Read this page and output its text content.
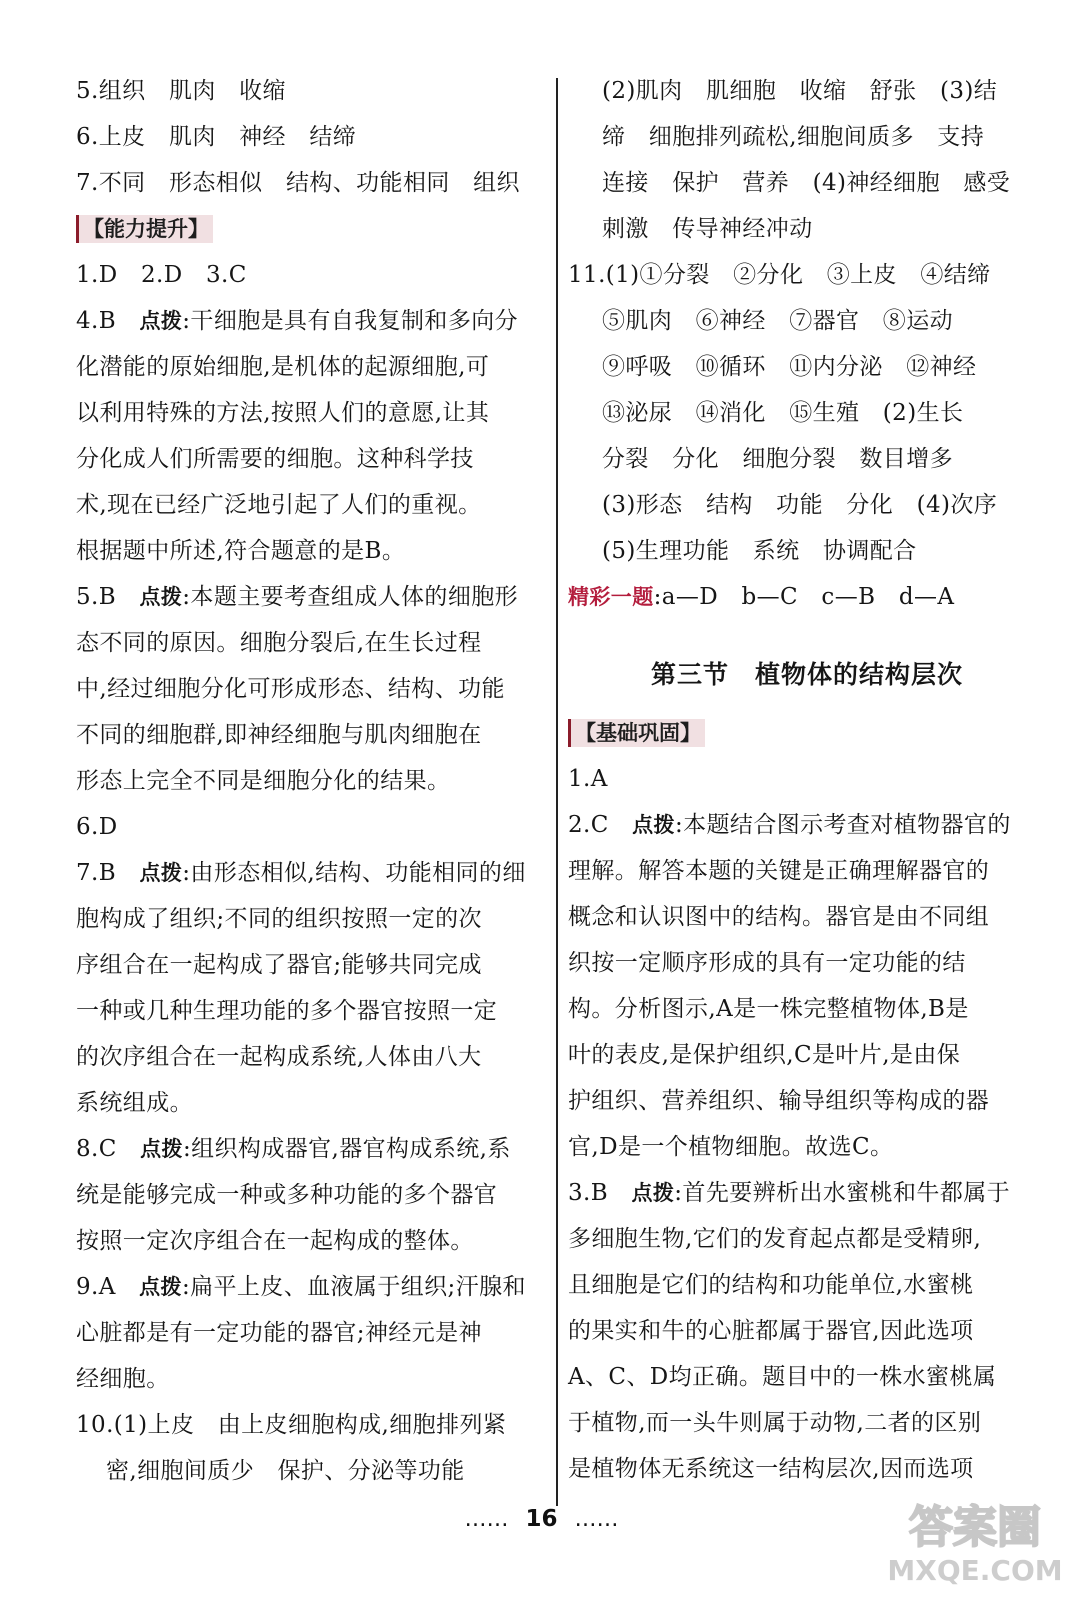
5.组织　肌肉　收缩
6.上皮　肌肉　神经　结缔
7.不同　形态相似　结构、功能相同　组织
【能力提升】
1.D　2.D　3.C
4.B　点拨:干细胞是具有自我复制和多向分
化潜能的原始细胞,是机体的起源细胞,可
以利用特殊的方法,按照人们的意愿,让其
分化成人们所需要的细胞。这种科学技
术,现在已经广泛地引起了人们的重视。
根据题中所述,符合题意的是B。
5.B　点拨:本题主要考查组成人体的细胞形
态不同的原因。细胞分裂后,在生长过程
中,经过细胞分化可形成形态、结构、功能
不同的细胞群,即神经细胞与肌肉细胞在
形态上完全不同是细胞分化的结果。
6.D
7.B　点拨:由形态相似,结构、功能相同的细
胞构成了组织;不同的组织按照一定的次
序组合在一起构成了器官;能够共同完成
一种或几种生理功能的多个器官按照一定
的次序组合在一起构成系统,人体由八大
系统组成。
8.C　点拨:组织构成器官,器官构成系统,系
统是能够完成一种或多种功能的多个器官
按照一定次序组合在一起构成的整体。
9.A　点拨:扁平上皮、血液属于组织;汗腺和
心脏都是有一定功能的器官;神经元是神
经细胞。
10.(1)上皮　由上皮细胞构成,细胞排列紧
密,细胞间质少　保护、分泌等功能
(2)肌肉　肌细胞　收缩　舒张　(3)结
缔　细胞排列疏松,细胞间质多　支持
连接　保护　营养　(4)神经细胞　感受
刺激　传导神经冲动
11.(1)①分裂　②分化　③上皮　④结缔
⑤肌肉　⑥神经　⑦器官　⑧运动
⑨呼吸　⑩循环　⑪内分泌　⑫神经
⑬泌尿　⑭消化　⑮生殖　(2)生长
分裂　分化　细胞分裂　数目增多
(3)形态　结构　功能　分化　(4)次序
(5)生理功能　系统　协调配合
精彩一题:a—D　b—C　c—B　d—A
第三节　植物体的结构层次
【基础巩固】
1.A
2.C　点拨:本题结合图示考查对植物器官的
理解。解答本题的关键是正确理解器官的
概念和认识图中的结构。器官是由不同组
织按一定顺序形成的具有一定功能的结
构。分析图示,A是一株完整植物体,B是
叶的表皮,是保护组织,C是叶片,是由保
护组织、营养组织、输导组织等构成的器
官,D是一个植物细胞。故选C。
3.B　点拨:首先要辨析出水蜜桃和牛都属于
多细胞生物,它们的发育起点都是受精卵,
且细胞是它们的结构和功能单位,水蜜桃
的果实和牛的心脏都属于器官,因此选项
A、C、D均正确。题目中的一株水蜜桃属
于植物,而一头牛则属于动物,二者的区别
是植物体无系统这一结构层次,因而选项
…… 16 ……	答案圈
MXQE.COM
